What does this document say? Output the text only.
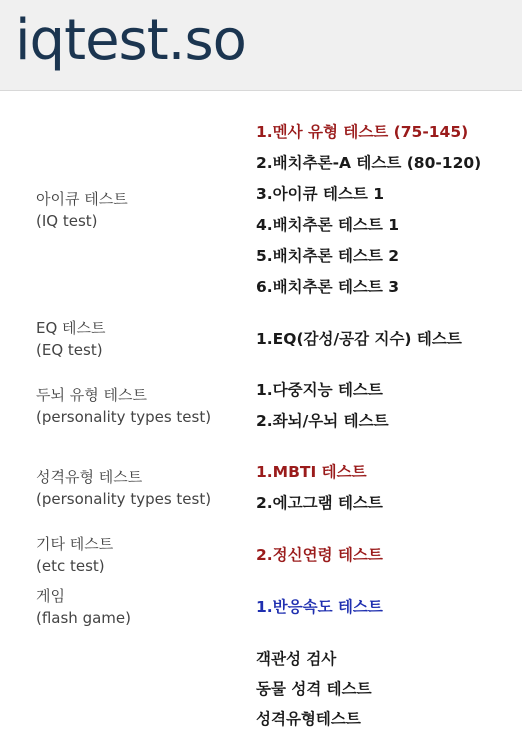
iqtest.so
아이큐 테스트
(IQ test)
EQ 테스트
(EQ test)
두뇌 유형 테스트
(personality types test)
성격유형 테스트
(personality types test)
기타 테스트
(etc test)
게임
(flash game)
1.멘사 유형 테스트 (75-145)
2.배치추론-A 테스트 (80-120)
3.아이큐 테스트 1
4.배치추론 테스트 1
5.배치추론 테스트 2
6.배치추론 테스트 3
1.EQ(감성/공감 지수) 테스트
1.다중지능 테스트
2.좌뇌/우뇌 테스트
1.MBTI 테스트
2.에고그램 테스트
2.정신연령 테스트
1.반응속도 테스트
객관성 검사
동물 성격 테스트
성격유형테스트
